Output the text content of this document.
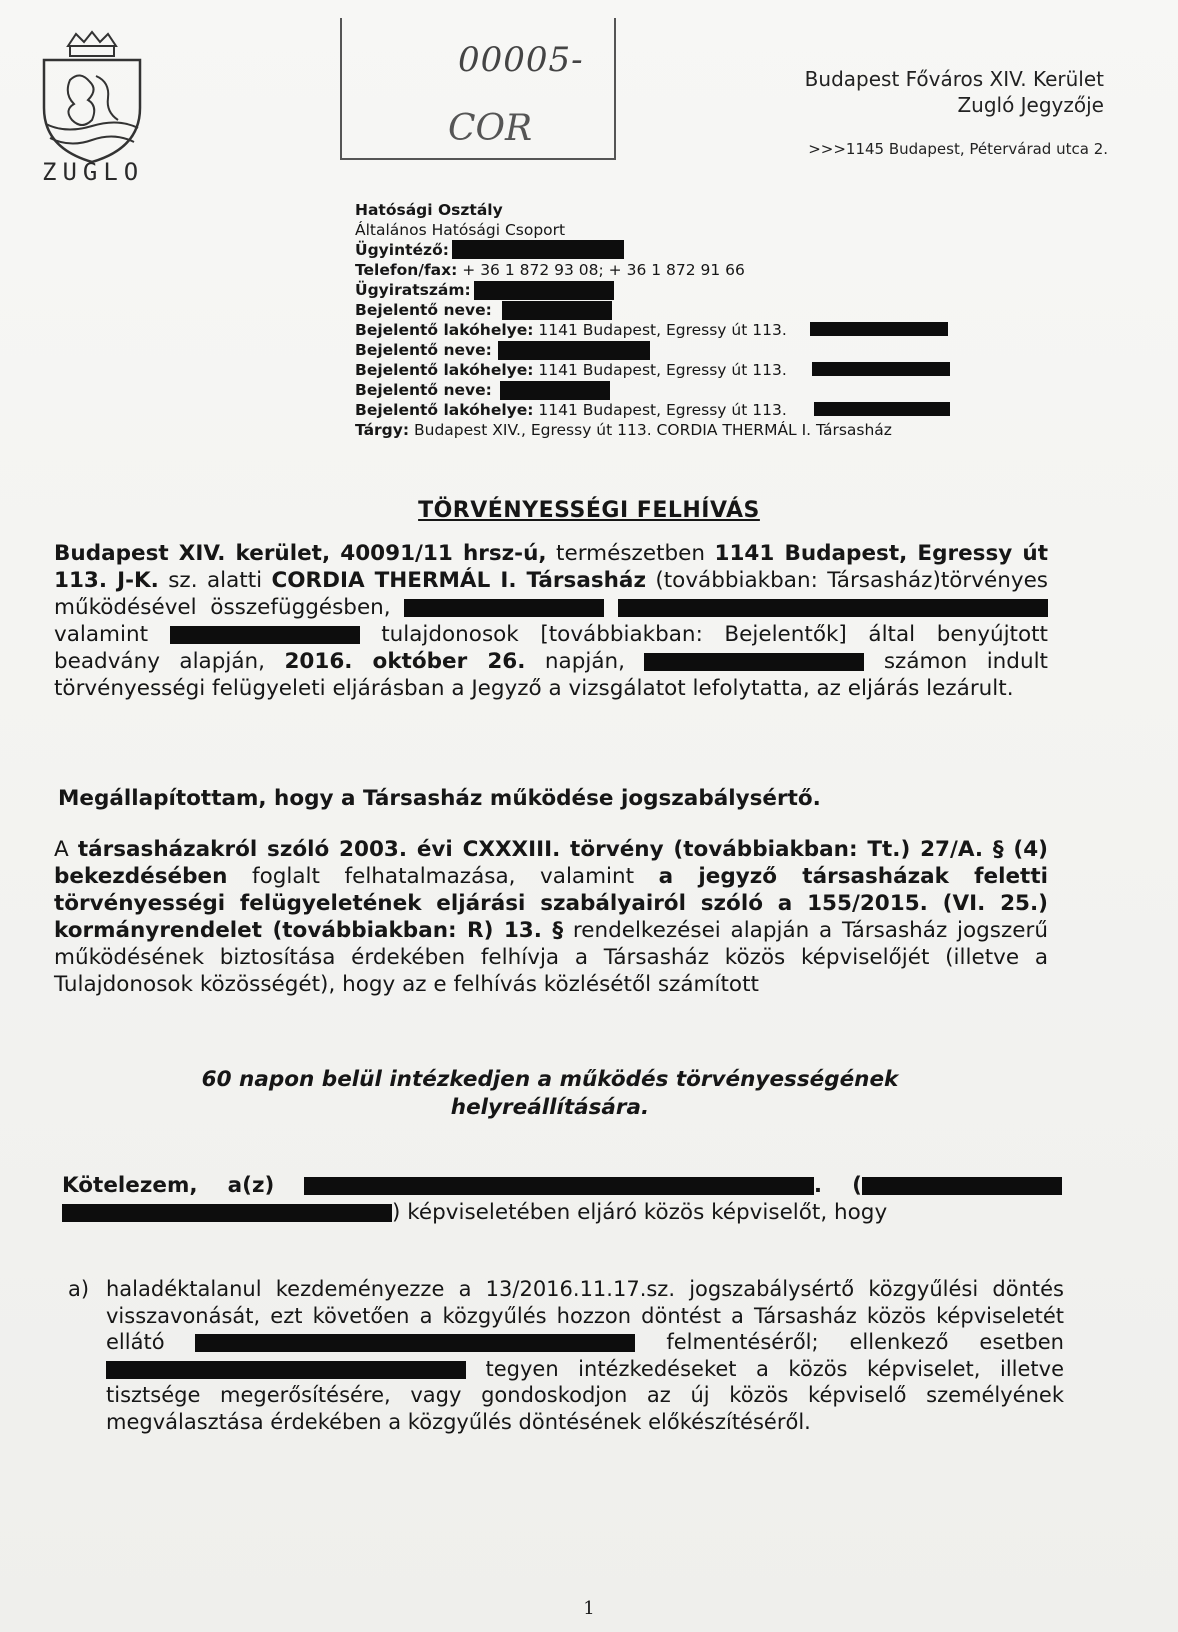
ZUGLO
00005-
COR
Budapest Főváros XIV. Kerület
Zugló Jegyzője
>>>1145 Budapest, Pétervárad utca 2.
Hatósági Osztály
Általános Hatósági Csoport
Ügyintéző:
Telefon/fax: + 36 1 872 93 08; + 36 1 872 91 66
Ügyiratszám:
Bejelentő neve:
Bejelentő lakóhelye: 1141 Budapest, Egressy út 113.
Bejelentő neve:
Bejelentő lakóhelye: 1141 Budapest, Egressy út 113.
Bejelentő neve:
Bejelentő lakóhelye: 1141 Budapest, Egressy út 113.
Tárgy: Budapest XIV., Egressy út 113. CORDIA THERMÁL I. Társasház
TÖRVÉNYESSÉGI FELHÍVÁS
Budapest XIV. kerület, 40091/11 hrsz-ú, természetben 1141 Budapest, Egressy út 113. J-K. sz. alatti CORDIA THERMÁL I. Társasház (továbbiakban: Társasház)törvényes működésével összefüggésben,   valamint	tulajdonosok [továbbiakban: Bejelentők] által benyújtott beadvány alapján, 2016. október 26. napján,	számon indult törvényességi felügyeleti eljárásban a Jegyző a vizsgálatot lefolytatta, az eljárás lezárult.
Megállapítottam, hogy a Társasház működése jogszabálysértő.
A társasházakról szóló 2003. évi CXXXIII. törvény (továbbiakban: Tt.) 27/A. § (4) bekezdésében foglalt felhatalmazása, valamint a jegyző társasházak feletti törvényességi felügyeletének eljárási szabályairól szóló a 155/2015. (VI. 25.) kormányrendelet (továbbiakban: R) 13. § rendelkezései alapján a Társasház jogszerű működésének biztosítása érdekében felhívja a Társasház közös képviselőjét (illetve a Tulajdonosok közösségét), hogy az e felhívás közlésétől számított
60 napon belül intézkedjen a működés törvényességének
helyreállítására.
Kötelezem, a(z)	. ( ) képviseletében eljáró közös képviselőt, hogy
a) haladéktalanul kezdeményezze a 13/2016.11.17.sz. jogszabálysértő közgyűlési döntés visszavonását, ezt követően a közgyűlés hozzon döntést a Társasház közös képviseletét ellátó	felmentéséről; ellenkező esetben  tegyen intézkedéseket a közös képviselet, illetve tisztsége megerősítésére, vagy gondoskodjon az új közös képviselő személyének megválasztása érdekében a közgyűlés döntésének előkészítéséről.
1
